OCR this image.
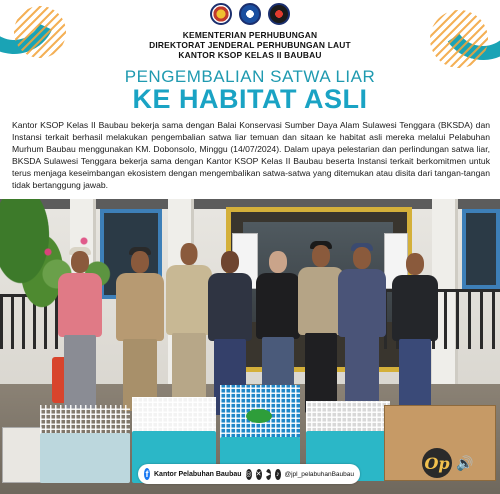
KEMENTERIAN PERHUBUNGAN
DIREKTORAT JENDERAL PERHUBUNGAN LAUT
KANTOR KSOP KELAS II BAUBAU
PENGEMBALIAN SATWA LIAR
KE HABITAT ASLI

Kantor KSOP Kelas II Baubau bekerja sama dengan Balai Konservasi Sumber Daya Alam Sulawesi Tenggara (BKSDA) dan Instansi terkait berhasil melakukan pengembalian satwa liar temuan dan sitaan ke habitat asli mereka melalui Pelabuhan Murhum Baubau menggunakan KM. Dobonsolo, Minggu (14/07/2024). Dalam upaya pelestarian dan perlindungan satwa liar, BKSDA Sulawesi Tenggara bekerja sama dengan Kantor KSOP Kelas II Baubau beserta Instansi terkait berkomitmen untuk terus menjaga keseimbangan ekosistem dengan mengembalikan satwa-satwa yang ditemukan atau disita dari tangan-tangan tidak bertanggung jawab.

f Kantor Pelabuhan Baubau ◎ ✕ ▶ ♪ @jpl_pelabuhanBaubau
Op 🔊
